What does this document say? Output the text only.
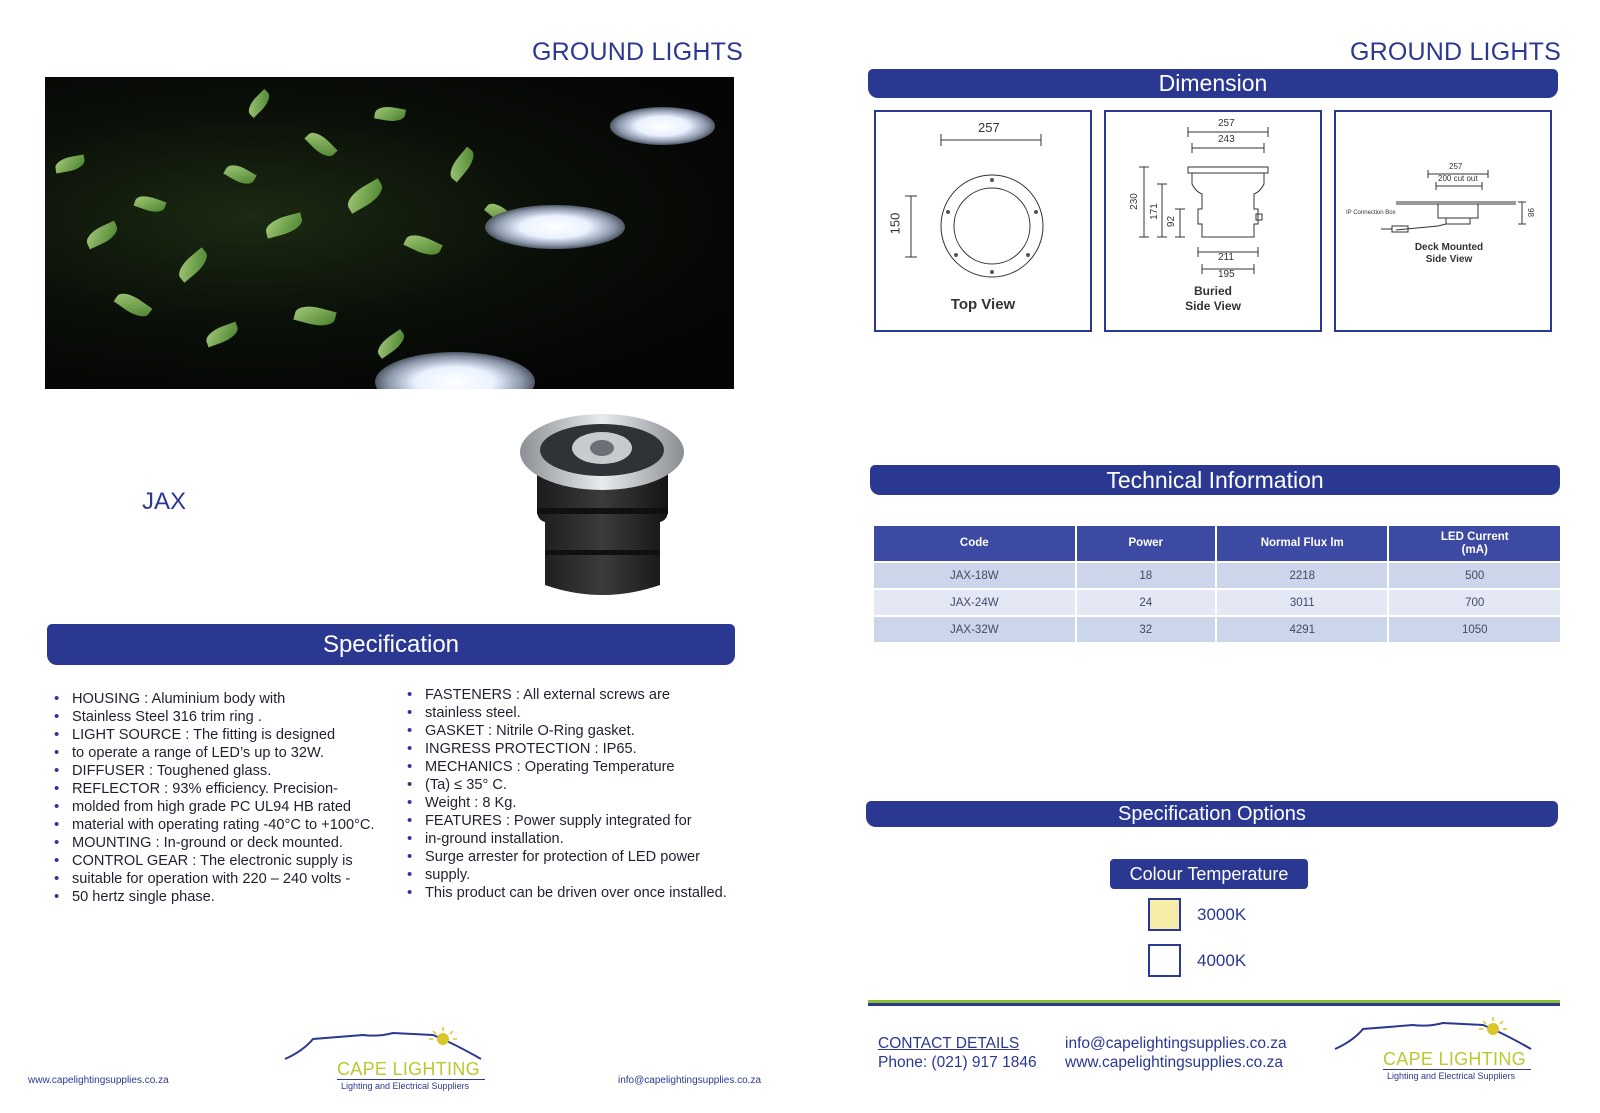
GROUND LIGHTS
JAX
Specification
• HOUSING : Aluminium body with
• Stainless Steel 316 trim ring .
• LIGHT SOURCE : The fitting is designed
• to operate a range of LED’s up to 32W.
• DIFFUSER : Toughened glass.
• REFLECTOR : 93% efficiency. Precision-
• molded from high grade PC UL94 HB rated
• material with operating rating -40°C to +100°C.
• MOUNTING : In-ground or deck mounted.
• CONTROL GEAR : The electronic supply is
• suitable for operation with 220 – 240 volts -
• 50 hertz single phase.
• FASTENERS : All external screws are
• stainless steel.
• GASKET : Nitrile O-Ring gasket.
• INGRESS PROTECTION : IP65.
• MECHANICS : Operating Temperature
• (Ta) ≤ 35° C.
• Weight : 8 Kg.
• FEATURES : Power supply integrated for
• in-ground installation.
• Surge arrester for protection of LED power
• supply.
• This product can be driven over once installed.
www.capelightingsupplies.co.za	info@capelightingsupplies.co.za
CAPE LIGHTING
Lighting and Electrical Suppliers
GROUND LIGHTS
Dimension
257
150
Top View
257
243
230
171
92
211
195
Buried
Side View
257
200 cut out
98
IP Connection Box
Deck Mounted
Side View
Technical Information
Code	Power	Normal Flux lm	LED Current
(mA)
JAX-18W	18	2218	500
JAX-24W	24	3011	700
JAX-32W	32	4291	1050
Specification Options
Colour Temperature
3000K
4000K
CONTACT DETAILS
Phone: (021) 917 1846
info@capelightingsupplies.co.za
www.capelightingsupplies.co.za	CAPE LIGHTING
Lighting and Electrical Suppliers
